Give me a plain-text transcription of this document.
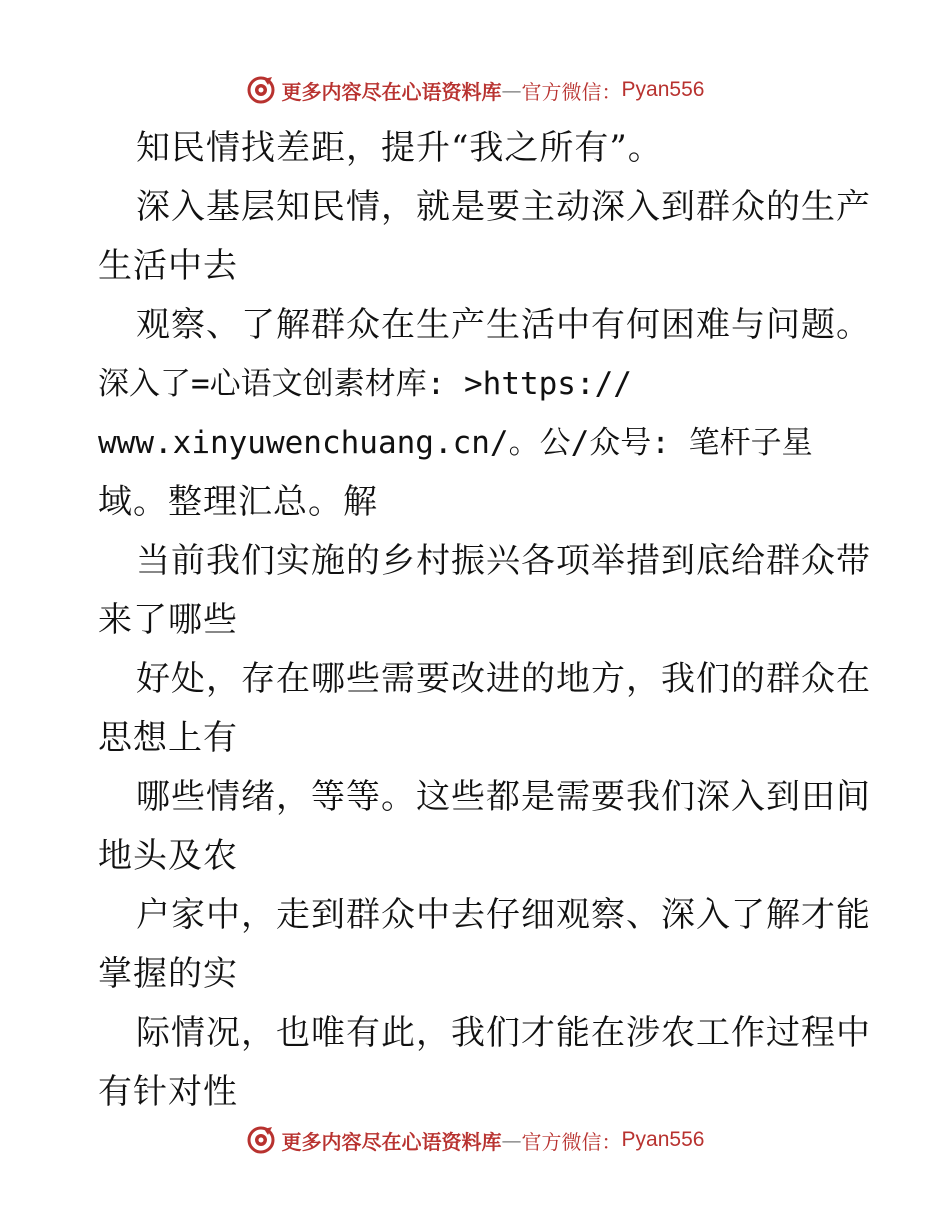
更多内容尽在心语资料库 — 官方微信： Pyan556
知民情找差距，提升“我之所有”。
深入基层知民情，就是要主动深入到群众的生产
生活中去
观察、了解群众在生产生活中有何困难与问题。
深入了=心语文创素材库: >https://
www.xinyuwenchuang.cn/。公/众号: 笔杆子星
域。整理汇总。解
当前我们实施的乡村振兴各项举措到底给群众带
来了哪些
好处，存在哪些需要改进的地方，我们的群众在
思想上有
哪些情绪，等等。这些都是需要我们深入到田间
地头及农
户家中，走到群众中去仔细观察、深入了解才能
掌握的实
际情况，也唯有此，我们才能在涉农工作过程中
有针对性
更多内容尽在心语资料库 — 官方微信： Pyan556
